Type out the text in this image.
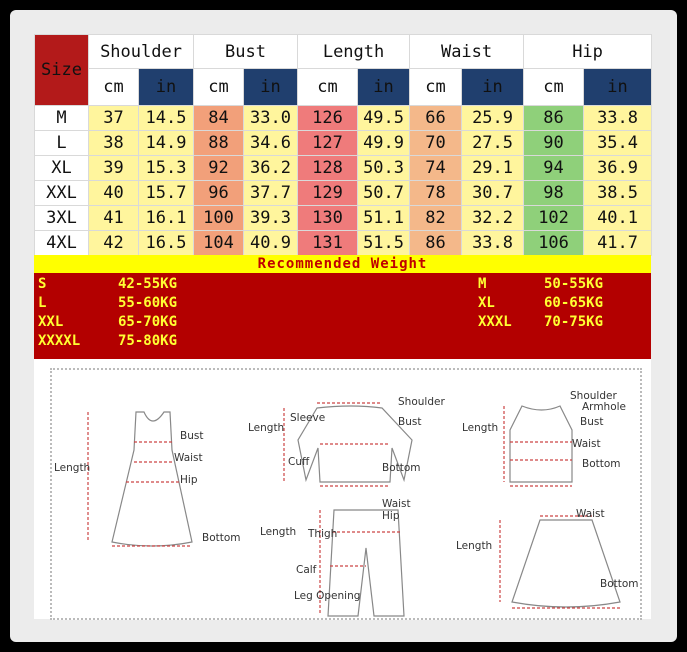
Size	Shoulder		Bust		Length		Waist		Hip	
	cm	in	cm	in	cm	in	cm	in	cm	in
M	37	14.5	84	33.0	126	49.5	66	25.9	86	33.8
L	38	14.9	88	34.6	127	49.9	70	27.5	90	35.4
XL	39	15.3	92	36.2	128	50.3	74	29.1	94	36.9
XXL	40	15.7	96	37.7	129	50.7	78	30.7	98	38.5
3XL	41	16.1	100	39.3	130	51.1	82	32.2	102	40.1
4XL	42	16.5	104	40.9	131	51.5	86	33.8	106	41.7
Recommended Weight
S	42-55KG
L	55-60KG
XXL	65-70KG
XXXXL	75-80KG
M	50-55KG
XL	60-65KG
XXXL 70-75KG
Bust
Waist
Hip
Length
Bottom
Shoulder
Sleeve
Length	Bust
Cuff	Bottom
Shoulder
Armhole
Length	Bust
Waist
Bottom
Waist
Hip
Length Thigh
Calf
Leg Opening
Waist
Length
Bottom
